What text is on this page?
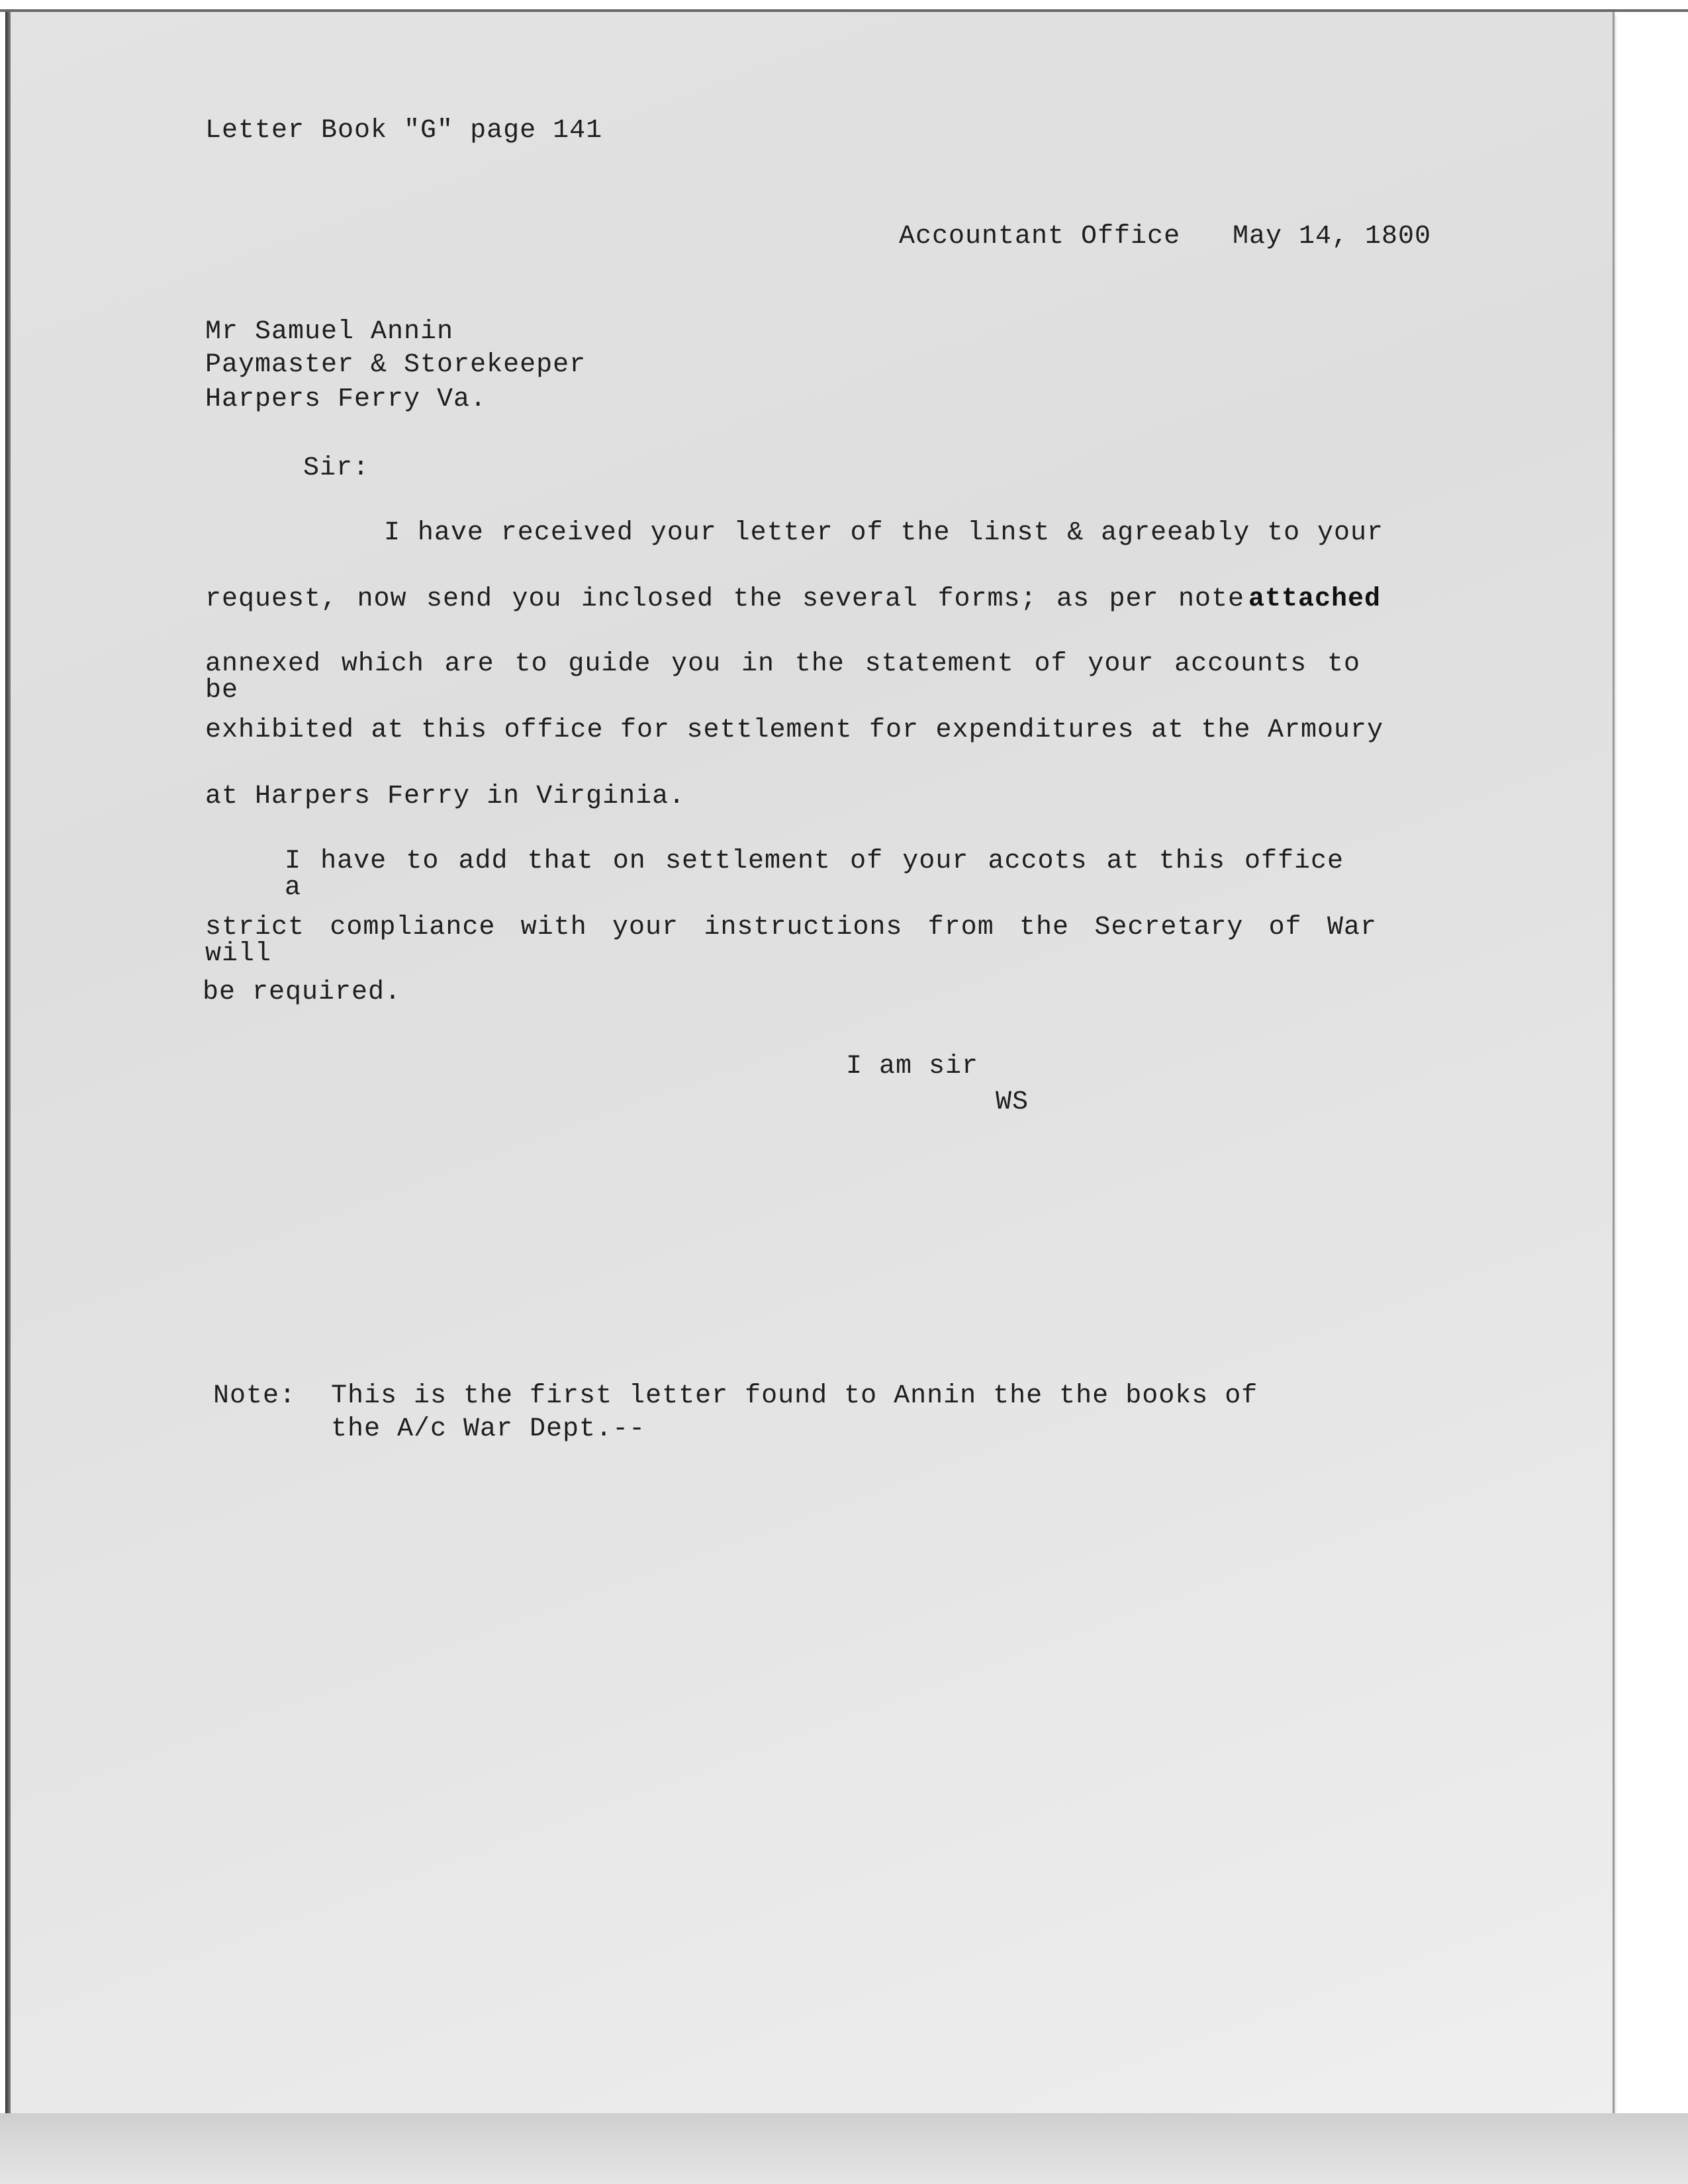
Letter Book "G" page 141
Accountant Office May 14, 1800
Mr Samuel Annin
Paymaster & Storekeeper
Harpers Ferry Va.
Sir:
I have received your letter of the linst & agreeably to your
request, now send you inclosed the several forms; as per note attached
annexed which are to guide you in the statement of your accounts to be
exhibited at this office for settlement for expenditures at the Armoury
at Harpers Ferry in Virginia.
I have to add that on settlement of your accots at this office a
strict compliance with your instructions from the Secretary of War will
be required.
I am sir
WS
Note: This is the first letter found to Annin the the books of
the A/c War Dept.--
